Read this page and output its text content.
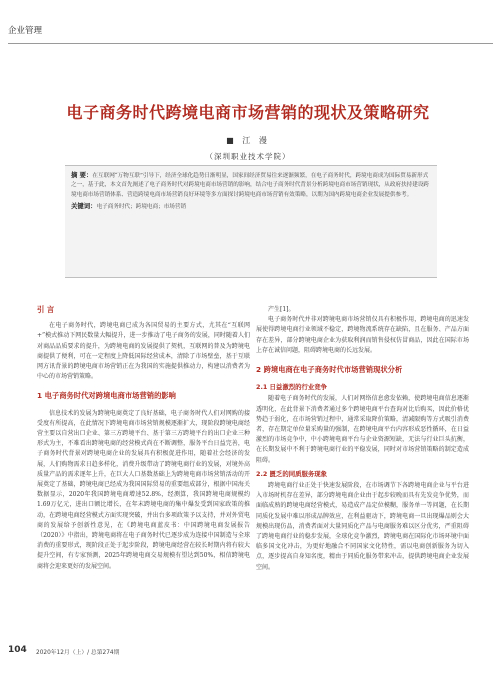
企业管理
电子商务时代跨境电商市场营销的现状及策略研究
■ 江 漫
（深圳职业技术学院）
摘 要：在互联网“万物互联”引导下，经济全球化趋势日渐明显，国家间经济贸易往来逐渐频繁，在电子商务时代，跨境电商成为国际贸易新形式之一，基于此，本文首先阐述了电子商务时代对跨境电商市场营销的影响，结合电子商务时代背景分析跨境电商市场营销现状，从政府扶持建设跨境电商市场营销体系、营造跨境电商市场营销良好环境等多方面探讨跨境电商市场营销有效策略，以期为国内跨境电商企业发展提供参考。
关键词：电子商务时代；跨境电商；市场营销
引 言

在电子商务时代，跨境电商已成为各国贸易的主要方式，尤其在“互联网+”模式推动下网民数量大幅提升，进一步推动了电子商务的发展，同时随着人们对商品品质要求的提升，为跨境电商的发展提供了契机，互联网的普及为跨境电商提供了便利，可在一定程度上降低国际经营成本，清除了市场壁垒，基于互联网方讯背景的跨境电商市场营销正在为我国的实施提供推动力，构建以消费者为中心的市场营销策略。

1 电子商务时代对跨境电商市场营销的影响

信息技术的发展为跨境电商奠定了良好基础，电子商务时代人们对网购的接受度有所提高，在此情况下跨境电商市场营销规模逐渐扩大，现阶段跨境电商经营主要以自营出口企业、第三方跨境平台、基于第三方跨境平台的出口企业三种形式为主，不难看出跨境电商的经营模式尚在不断调整，服务平台日益完善，电子商务时代背景对跨境电商企业的发展具有积极促进作用，随着社会经济的发展，人们购物需求日趋多样化，消费升级带动了跨境电商行业的发展，对境外高质量产品的需求逐年上升，在巨大人口基数基础上为跨境电商市场营销活动的开展奠定了基础，跨境电商已经成为我国国际贸易的重要组成部分，根据中国海关数据显示，2020年我国跨境电商增速52.8%，经测算，我国跨境电商规模约1.69万亿元，进出口额比增长，在年末跨境电商的集中爆发受到国家政策的推动，在跨境电商经营模式方面实现突破，并出台多项政策予以支持，并对外贸电商的发展给予创新性意见，在《跨境电商蓝皮书：中国跨境电商发展报告（2020）》中指出，跨境电商将在电子商务时代已逐步成为连接中国制造与全球消费的重要形式，现阶段正处于起步阶段，跨境电商经营在较长时期内将有较大提升空间，有专家预测，2025年跨境电商交易规模有望达到50%，相信跨境电商将会迎来更好的发展空间。

产生[1]。

电子商务时代并非对跨境电商市场营销仅具有积极作用，跨境电商的迅速发展使得跨境电商行业领域不稳定，跨境物流系统存在缺陷，且在服务、产品方面存在差异，部分跨境电商企业为获取利润而销售侵权仿冒商品，因此在国际市场上存在诚信问题，阻碍跨境电商的长远发展。

2 跨境电商在电子商务时代市场营销现状分析
2.1 日益激烈的行业竞争

随着电子商务时代的发展，人们对网络信息愈发依赖，使跨境电商信息逐渐透明化，在此背景下消费者通过多个跨境电商平台查询对比后购买，因此价格优势趋于弱化，在市场营销过程中，通常采取降价策略，清减限购等方式吸引消费者，存在期定单位量采购量的强制，在跨境电商平台内容形成恶性循环，在日益激烈的市场竞争中，中小跨境电商平台与企业资源短缺，无法与行业巨头抗衡，在长期发展中不利于跨境电商行业的平稳发展，同时对市场营销策略的制定造成阻碍。

2.2 匮乏的同质服务现象

跨境电商行业正处于快速发展阶段，在市场调节下各跨境电商企业与平台进入市场时机存在差异，部分跨境电商企业由于起步较晚而具有先发竞争优势，而面临成熟的跨境电商经营模式，易造成产品定位模糊，服务单一等问题，在长期同质化发展中难以形成品牌效应，在利益驱动下，跨境电商一旦出现爆品则会大规模出现仿品，消费者面对大量同质化产品与电商服务难以区分优劣，严重阻碍了跨境电商行业的稳步发展，全球化竞争激烈，跨境电商在国际化市场环境中面临多国文化冲击，为更好地融合不同国家文化特性，需以电商创新服务为切入点，逐步提高自身知名度，精由于同质化服务带来冲击，提供跨境电商企业发展空间。

104 2020年12月（上）/ 总第274期
